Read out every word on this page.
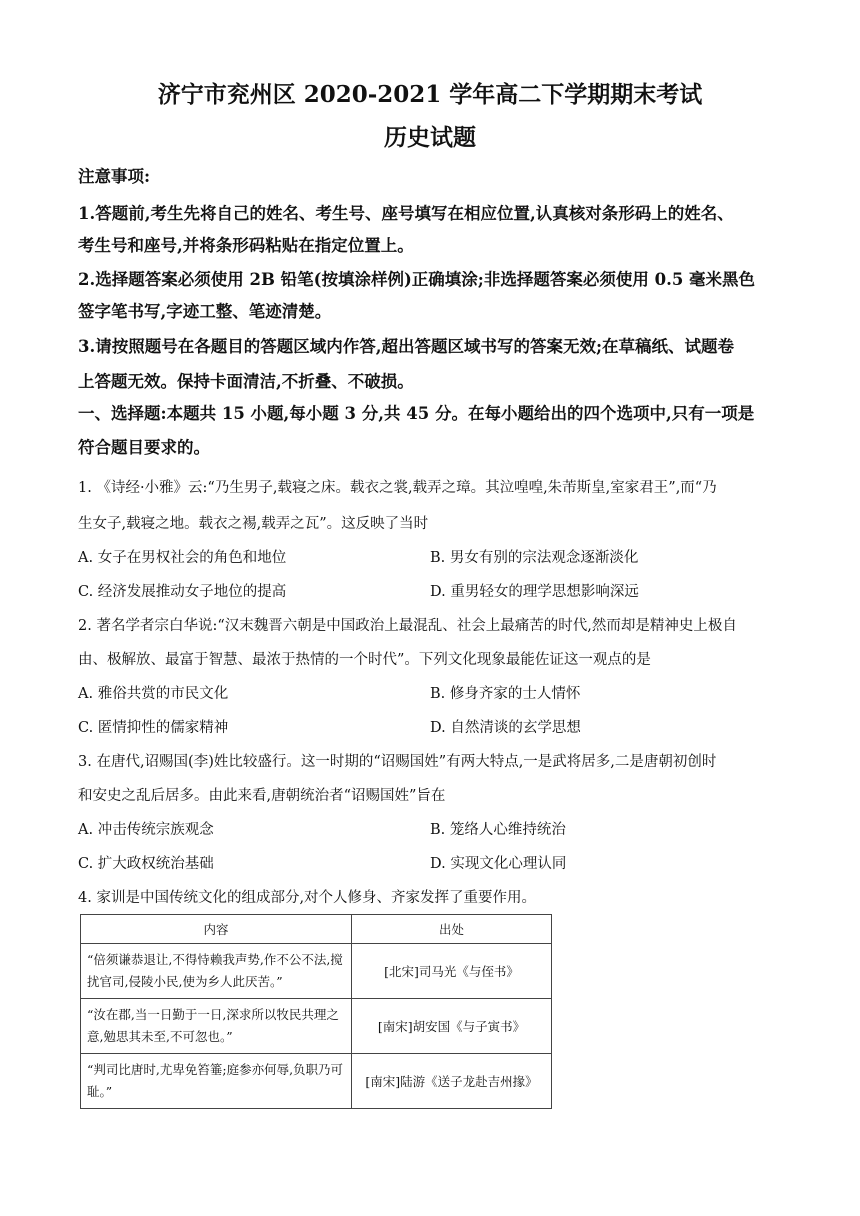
济宁市兖州区 2020-2021 学年高二下学期期末考试
历史试题
注意事项:
1.答题前,考生先将自己的姓名、考生号、座号填写在相应位置,认真核对条形码上的姓名、
考生号和座号,并将条形码粘贴在指定位置上。
2.选择题答案必须使用 2B 铅笔(按填涂样例)正确填涂;非选择题答案必须使用 0.5 毫米黑色
签字笔书写,字迹工整、笔迹清楚。
3.请按照题号在各题目的答题区域内作答,超出答题区域书写的答案无效;在草稿纸、试题卷
上答题无效。保持卡面清洁,不折叠、不破损。
一、选择题:本题共 15 小题,每小题 3 分,共 45 分。在每小题给出的四个选项中,只有一项是
符合题目要求的。
1. 《诗经·小雅》云:“乃生男子,载寝之床。载衣之裳,载弄之璋。其泣喤喤,朱芾斯皇,室家君王”,而“乃
生女子,载寝之地。载衣之裼,载弄之瓦”。这反映了当时
A. 女子在男权社会的角色和地位	B. 男女有别的宗法观念逐渐淡化
C. 经济发展推动女子地位的提高	D. 重男轻女的理学思想影响深远
2. 著名学者宗白华说:“汉末魏晋六朝是中国政治上最混乱、社会上最痛苦的时代,然而却是精神史上极自
由、极解放、最富于智慧、最浓于热情的一个时代”。下列文化现象最能佐证这一观点的是
A. 雅俗共赏的市民文化	B. 修身齐家的士人情怀
C. 匿情抑性的儒家精神	D. 自然清谈的玄学思想
3. 在唐代,诏赐国(李)姓比较盛行。这一时期的“诏赐国姓”有两大特点,一是武将居多,二是唐朝初创时
和安史之乱后居多。由此来看,唐朝统治者“诏赐国姓”旨在
A. 冲击传统宗族观念	B. 笼络人心维持统治
C. 扩大政权统治基础	D. 实现文化心理认同
4. 家训是中国传统文化的组成部分,对个人修身、齐家发挥了重要作用。
内容	出处
“倍须谦恭退让,不得恃赖我声势,作不公不法,搅扰官司,侵陵小民,使为乡人此厌苦。”	[北宋]司马光《与侄书》
“汝在郡,当一日勤于一日,深求所以牧民共理之意,勉思其未至,不可忽也。”	[南宋]胡安国《与子寅书》
“判司比唐时,尤卑免笞箠;庭参亦何辱,负职乃可耻。”	[南宋]陆游《送子龙赴吉州掾》
